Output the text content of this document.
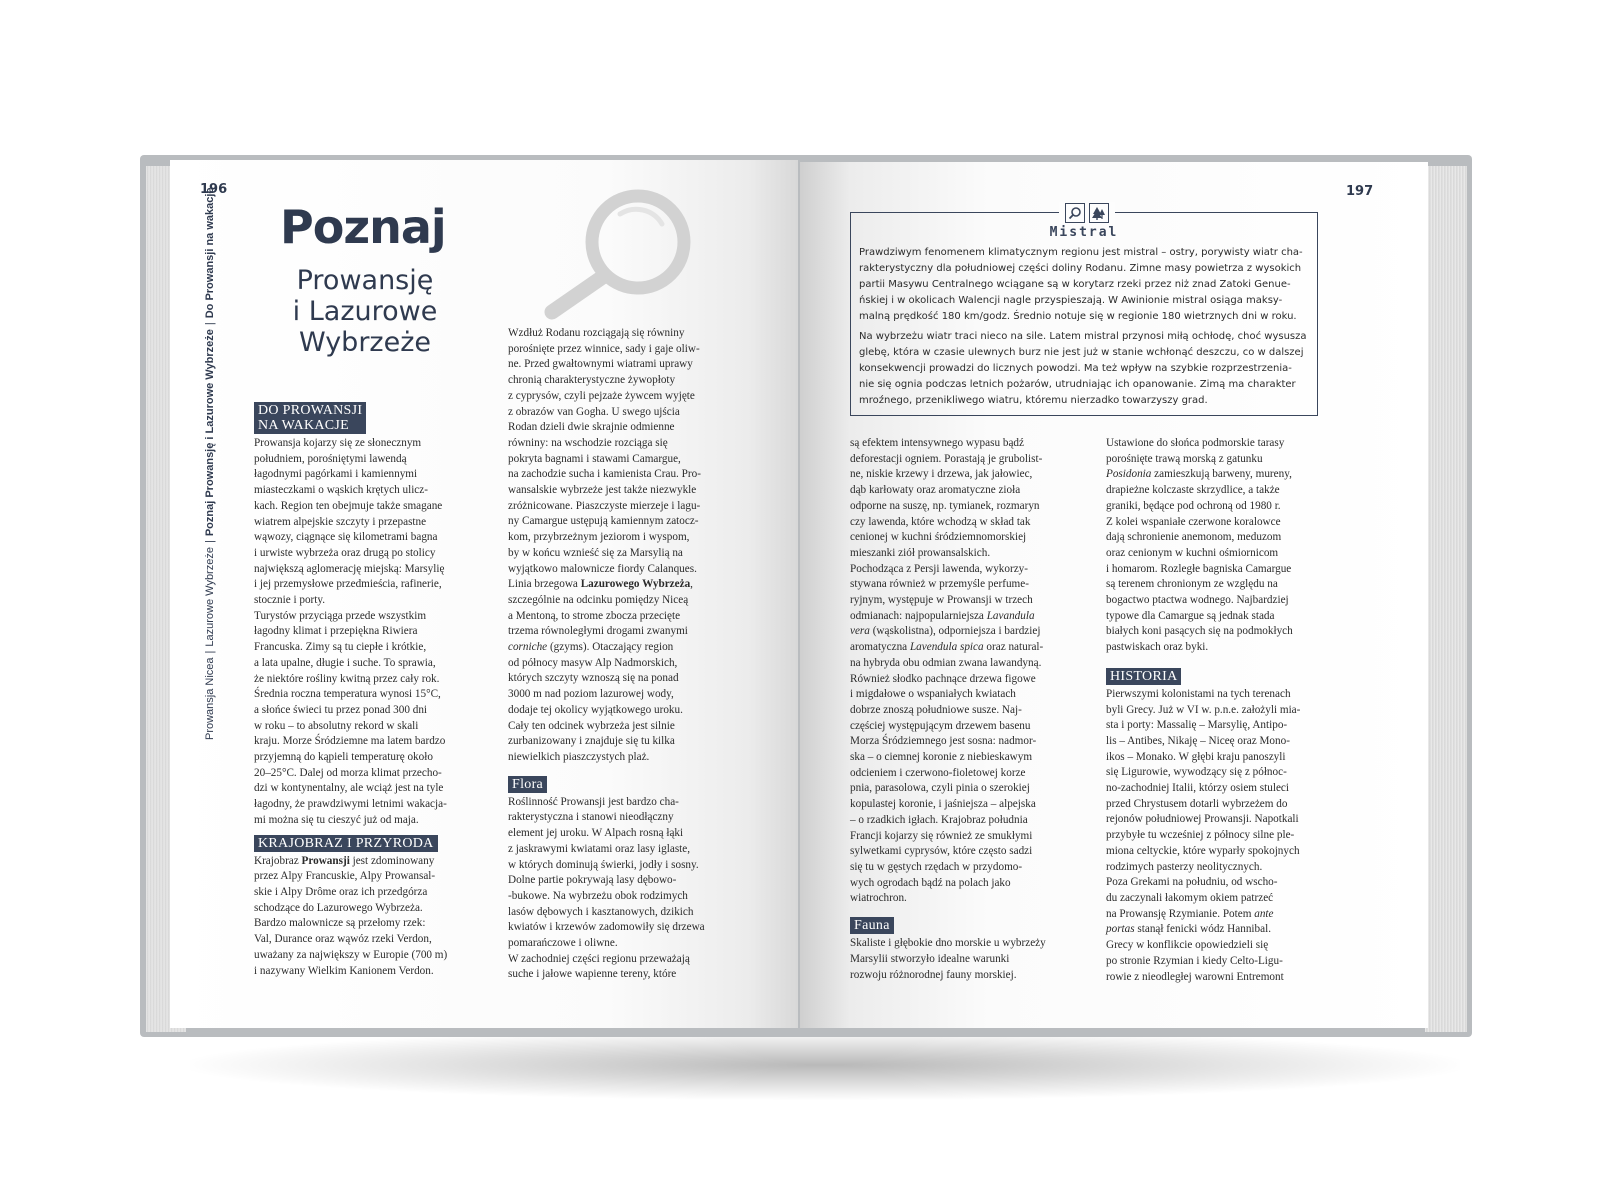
196
Prowansja Nicea|Lazurowe Wybrzeże|Poznaj Prowansję i Lazurowe Wybrzeże|Do Prowansji na wakacje Poznaj
Prowansję
i Lazurowe
Wybrzeże
DO PROWANSJI
NA WAKACJE
Prowansja kojarzy się ze słonecznym
południem, porośniętymi lawendą
łagodnymi pagórkami i kamiennymi
miasteczkami o wąskich krętych ulicz-
kach. Region ten obejmuje także smagane
wiatrem alpejskie szczyty i przepastne
wąwozy, ciągnące się kilometrami bagna
i urwiste wybrzeża oraz drugą po stolicy
największą aglomerację miejską: Marsylię
i jej przemysłowe przedmieścia, rafinerie,
stocznie i porty.
Turystów przyciąga przede wszystkim
łagodny klimat i przepiękna Riwiera
Francuska. Zimy są tu ciepłe i krótkie,
a lata upalne, długie i suche. To sprawia,
że niektóre rośliny kwitną przez cały rok.
Średnia roczna temperatura wynosi 15°C,
a słońce świeci tu przez ponad 300 dni
w roku – to absolutny rekord w skali
kraju. Morze Śródziemne ma latem bardzo
przyjemną do kąpieli temperaturę około
20–25°C. Dalej od morza klimat przecho-
dzi w kontynentalny, ale wciąż jest na tyle
łagodny, że prawdziwymi letnimi wakacja-
mi można się tu cieszyć już od maja.
KRAJOBRAZ I PRZYRODA
Krajobraz Prowansji jest zdominowany
przez Alpy Francuskie, Alpy Prowansal-
skie i Alpy Drôme oraz ich przedgórza
schodzące do Lazurowego Wybrzeża.
Bardzo malownicze są przełomy rzek:
Val, Durance oraz wąwóz rzeki Verdon,
uważany za największy w Europie (700 m)
i nazywany Wielkim Kanionem Verdon.
Wzdłuż Rodanu rozciągają się równiny
porośnięte przez winnice, sady i gaje oliw-
ne. Przed gwałtownymi wiatrami uprawy
chronią charakterystyczne żywopłoty
z cyprysów, czyli pejzaże żywcem wyjęte
z obrazów van Gogha. U swego ujścia
Rodan dzieli dwie skrajnie odmienne
równiny: na wschodzie rozciąga się
pokryta bagnami i stawami Camargue,
na zachodzie sucha i kamienista Crau. Pro-
wansalskie wybrzeże jest także niezwykle
zróżnicowane. Piaszczyste mierzeje i lagu-
ny Camargue ustępują kamiennym zatocz-
kom, przybrzeżnym jeziorom i wyspom,
by w końcu wznieść się za Marsylią na
wyjątkowo malownicze fiordy Calanques.
Linia brzegowa Lazurowego Wybrzeża,
szczególnie na odcinku pomiędzy Niceą
a Mentoną, to strome zbocza przecięte
trzema równoległymi drogami zwanymi
corniche (gzyms). Otaczający region
od północy masyw Alp Nadmorskich,
których szczyty wznoszą się na ponad
3000 m nad poziom lazurowej wody,
dodaje tej okolicy wyjątkowego uroku.
Cały ten odcinek wybrzeża jest silnie
zurbanizowany i znajduje się tu kilka
niewielkich piaszczystych plaż.
Flora
Roślinność Prowansji jest bardzo cha-
rakterystyczna i stanowi nieodłączny
element jej uroku. W Alpach rosną łąki
z jaskrawymi kwiatami oraz lasy iglaste,
w których dominują świerki, jodły i sosny.
Dolne partie pokrywają lasy dębowo-
-bukowe. Na wybrzeżu obok rodzimych
lasów dębowych i kasztanowych, dzikich
kwiatów i krzewów zadomowiły się drzewa
pomarańczowe i oliwne.
W zachodniej części regionu przeważają
suche i jałowe wapienne tereny, które
197
Mistral

Prawdziwym fenomenem klimatycznym regionu jest mistral – ostry, porywisty wiatr cha-
rakterystyczny dla południowej części doliny Rodanu. Zimne masy powietrza z wysokich
partii Masywu Centralnego wciągane są w korytarz rzeki przez niż znad Zatoki Genue-
ńskiej i w okolicach Walencji nagle przyspieszają. W Awinionie mistral osiąga maksy-
malną prędkość 180 km/godz. Średnio notuje się w regionie 180 wietrznych dni w roku.

Na wybrzeżu wiatr traci nieco na sile. Latem mistral przynosi miłą ochłodę, choć wysusza
glebę, która w czasie ulewnych burz nie jest już w stanie wchłonąć deszczu, co w dalszej
konsekwencji prowadzi do licznych powodzi. Ma też wpływ na szybkie rozprzestrzenia-
nie się ognia podczas letnich pożarów, utrudniając ich opanowanie. Zimą ma charakter
mroźnego, przenikliwego wiatru, któremu nierzadko towarzyszy grad.

są efektem intensywnego wypasu bądź
deforestacji ogniem. Porastają je grubolist-
ne, niskie krzewy i drzewa, jak jałowiec,
dąb karłowaty oraz aromatyczne zioła
odporne na suszę, np. tymianek, rozmaryn
czy lawenda, które wchodzą w skład tak
cenionej w kuchni śródziemnomorskiej
mieszanki ziół prowansalskich.
Pochodząca z Persji lawenda, wykorzy-
stywana również w przemyśle perfume-
ryjnym, występuje w Prowansji w trzech
odmianach: najpopularniejsza Lavandula
vera (wąskolistna), odporniejsza i bardziej
aromatyczna Lavendula spica oraz natural-
na hybryda obu odmian zwana lawandyną.
Również słodko pachnące drzewa figowe
i migdałowe o wspaniałych kwiatach
dobrze znoszą południowe susze. Naj-
częściej występującym drzewem basenu
Morza Śródziemnego jest sosna: nadmor-
ska – o ciemnej koronie z niebieskawym
odcieniem i czerwono-fioletowej korze
pnia, parasolowa, czyli pinia o szerokiej
kopulastej koronie, i jaśniejsza – alpejska
– o rzadkich igłach. Krajobraz południa
Francji kojarzy się również ze smukłymi
sylwetkami cyprysów, które często sadzi
się tu w gęstych rzędach w przydomo-
wych ogrodach bądź na polach jako
wiatrochron.
Fauna
Skaliste i głębokie dno morskie u wybrzeży
Marsylii stworzyło idealne warunki
rozwoju różnorodnej fauny morskiej.
Ustawione do słońca podmorskie tarasy
porośnięte trawą morską z gatunku
Posidonia zamieszkują barweny, mureny,
drapieżne kolczaste skrzydlice, a także
graniki, będące pod ochroną od 1980 r.
Z kolei wspaniałe czerwone koralowce
dają schronienie anemonom, meduzom
oraz cenionym w kuchni ośmiornicom
i homarom. Rozległe bagniska Camargue
są terenem chronionym ze względu na
bogactwo ptactwa wodnego. Najbardziej
typowe dla Camargue są jednak stada
białych koni pasących się na podmokłych
pastwiskach oraz byki.
HISTORIA
Pierwszymi kolonistami na tych terenach
byli Grecy. Już w VI w. p.n.e. założyli mia-
sta i porty: Massalię – Marsylię, Antipo-
lis – Antibes, Nikaję – Niceę oraz Mono-
ikos – Monako. W głębi kraju panoszyli
się Ligurowie, wywodzący się z północ-
no-zachodniej Italii, którzy osiem stuleci
przed Chrystusem dotarli wybrzeżem do
rejonów południowej Prowansji. Napotkali
przybyłe tu wcześniej z północy silne ple-
miona celtyckie, które wyparły spokojnych
rodzimych pasterzy neolitycznych.
Poza Grekami na południu, od wscho-
du zaczynali łakomym okiem patrzeć
na Prowansję Rzymianie. Potem ante
portas stanął fenicki wódz Hannibal.
Grecy w konflikcie opowiedzieli się
po stronie Rzymian i kiedy Celto-Ligu-
rowie z nieodległej warowni Entremont
